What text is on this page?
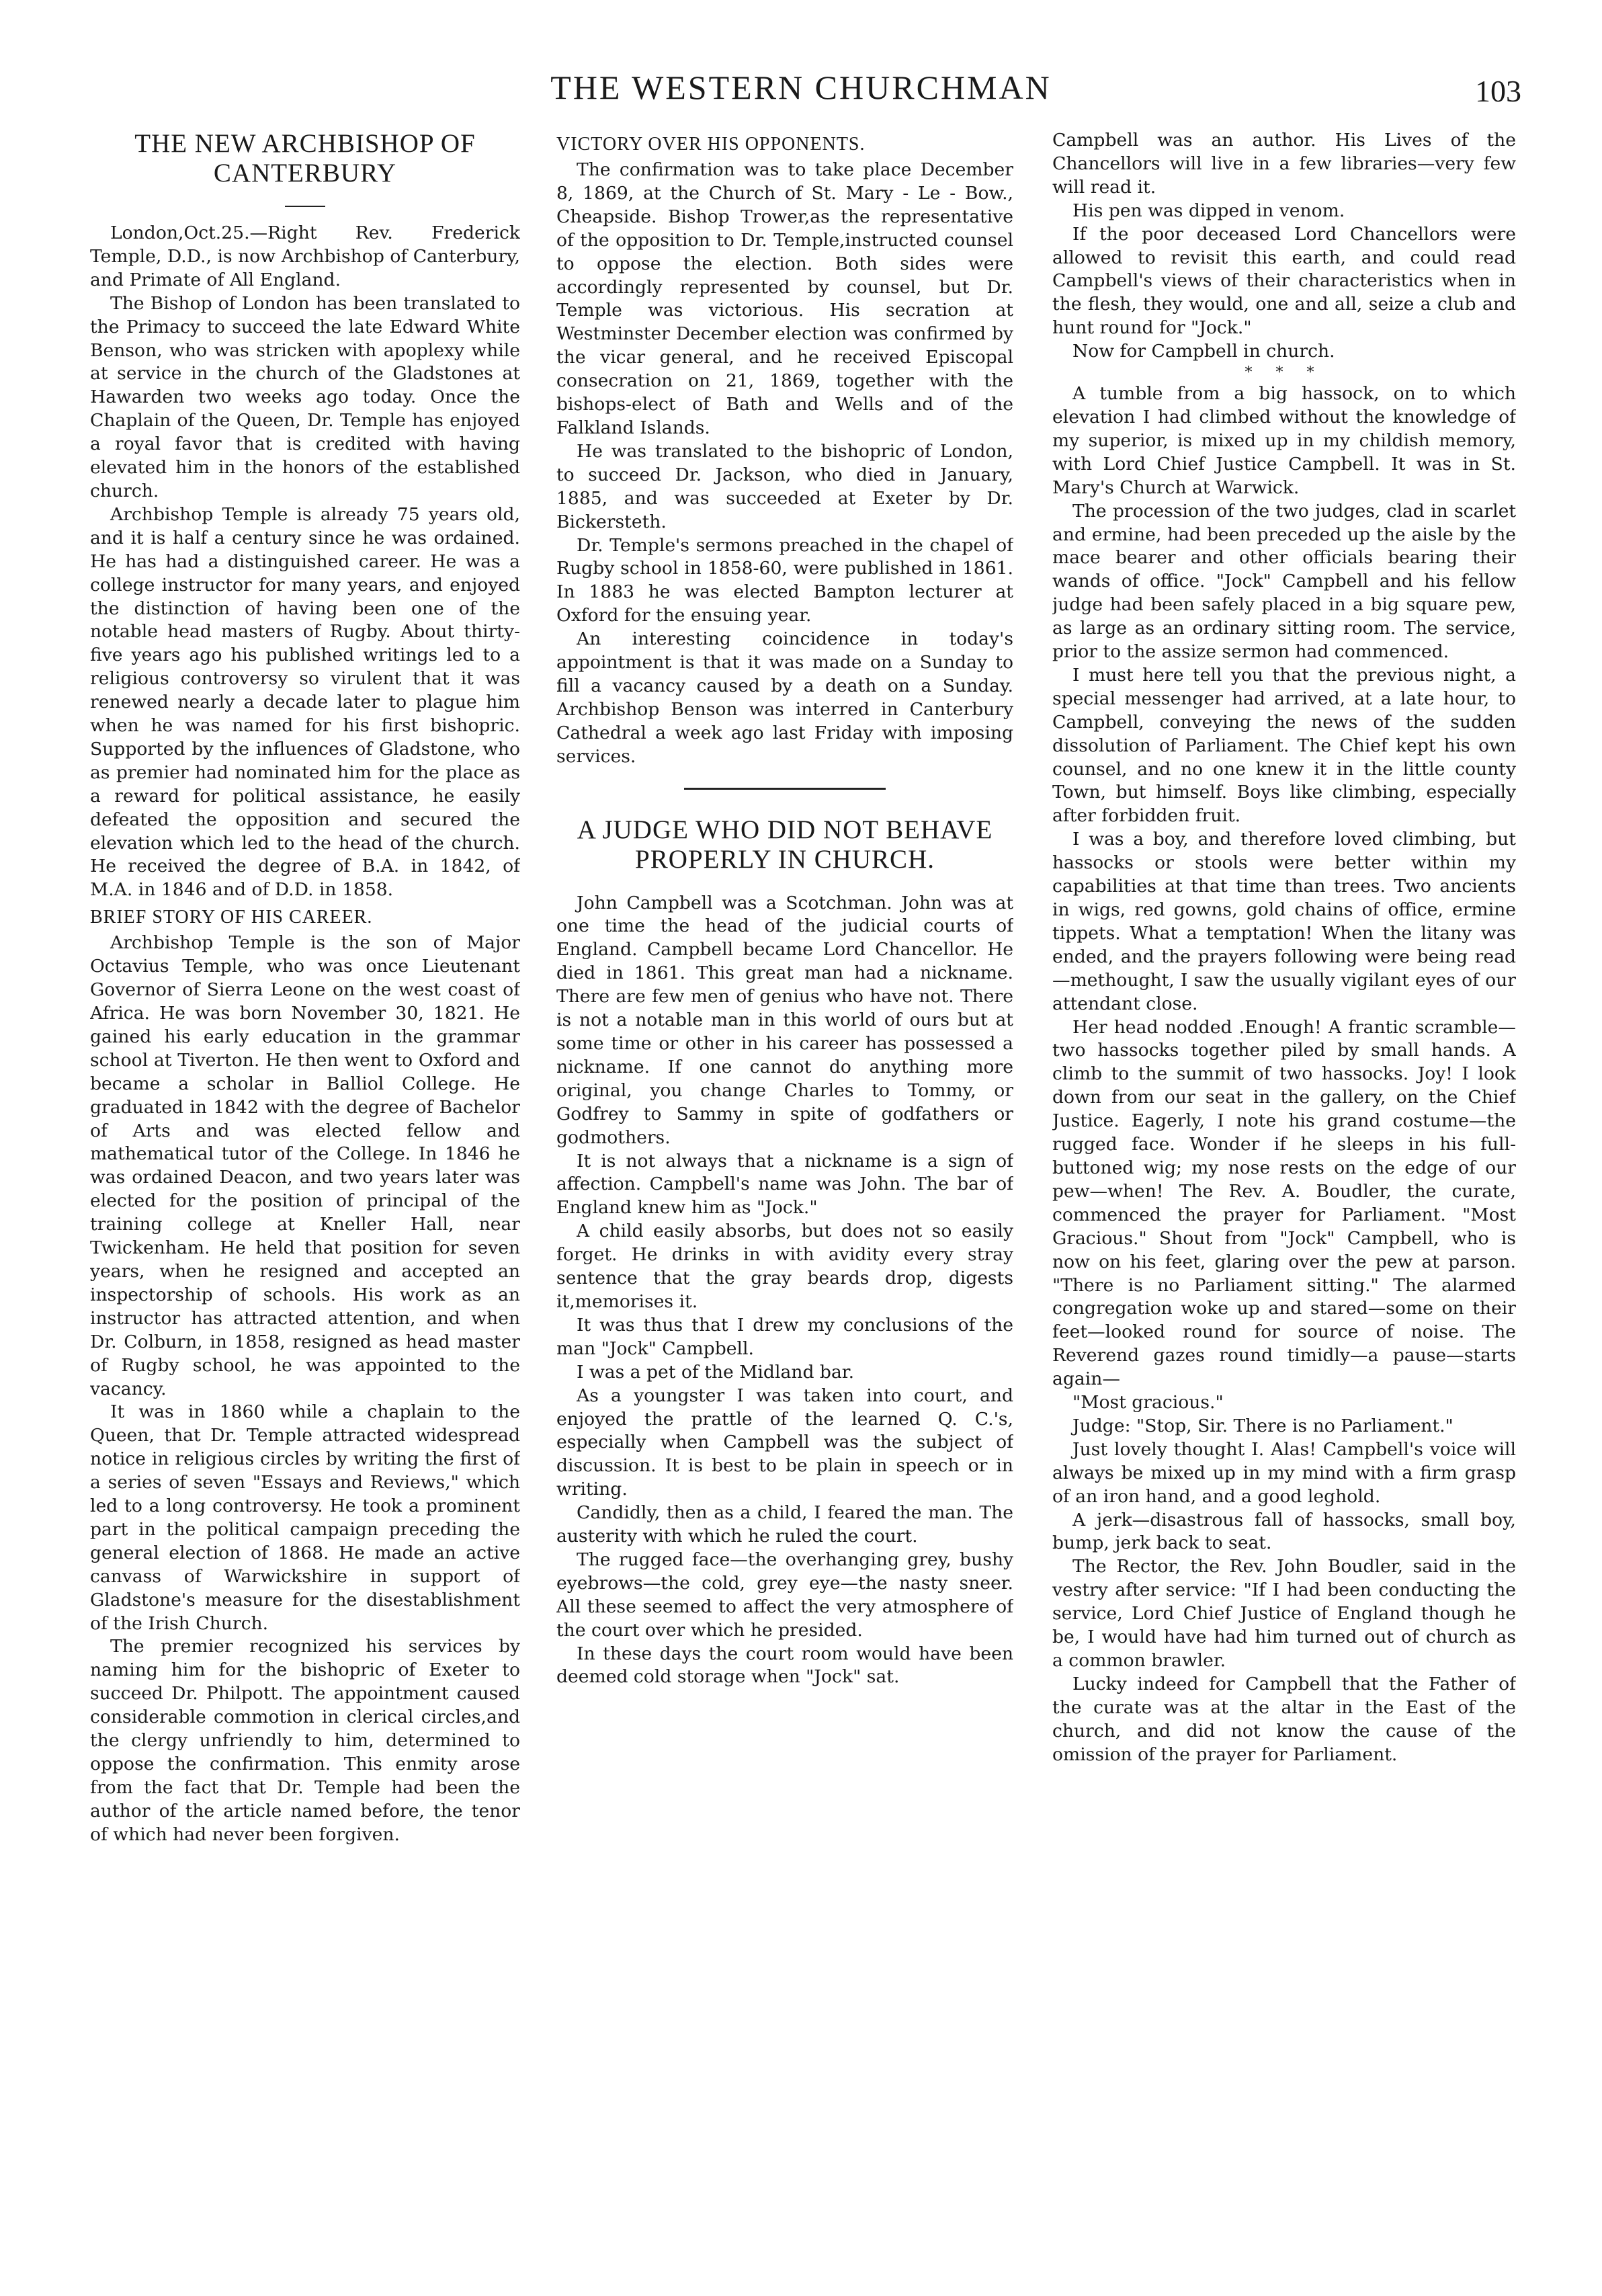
THE WESTERN CHURCHMAN	103
THE NEW ARCHBISHOP OF CANTERBURY

London,Oct.25.—Right Rev. Frederick Temple, D.D., is now Archbishop of Canterbury, and Primate of All England.

The Bishop of London has been translated to the Primacy to succeed the late Edward White Benson, who was stricken with apoplexy while at service in the church of the Gladstones at Hawarden two weeks ago today. Once the Chaplain of the Queen, Dr. Temple has enjoyed a royal favor that is credited with having elevated him in the honors of the established church.

Archbishop Temple is already 75 years old, and it is half a century since he was ordained. He has had a distinguished career. He was a college instructor for many years, and enjoyed the distinction of having been one of the notable head masters of Rugby. About thirty-five years ago his published writings led to a religious controversy so virulent that it was renewed nearly a decade later to plague him when he was named for his first bishopric. Supported by the influences of Gladstone, who as premier had nominated him for the place as a reward for political assistance, he easily defeated the opposition and secured the elevation which led to the head of the church. He received the degree of B.A. in 1842, of M.A. in 1846 and of D.D. in 1858.

BRIEF STORY OF HIS CAREER.

Archbishop Temple is the son of Major Octavius Temple, who was once Lieutenant Governor of Sierra Leone on the west coast of Africa. He was born November 30, 1821. He gained his early education in the grammar school at Tiverton. He then went to Oxford and became a scholar in Balliol College. He graduated in 1842 with the degree of Bachelor of Arts and was elected fellow and mathematical tutor of the College. In 1846 he was ordained Deacon, and two years later was elected for the position of principal of the training college at Kneller Hall, near Twickenham. He held that position for seven years, when he resigned and accepted an inspectorship of schools. His work as an instructor has attracted attention, and when Dr. Colburn, in 1858, resigned as head master of Rugby school, he was appointed to the vacancy.

It was in 1860 while a chaplain to the Queen, that Dr. Temple attracted widespread notice in religious circles by writing the first of a series of seven "Essays and Reviews," which led to a long controversy. He took a prominent part in the political campaign preceding the general election of 1868. He made an active canvass of Warwickshire in support of Gladstone's measure for the disestablishment of the Irish Church.

The premier recognized his services by naming him for the bishopric of Exeter to succeed Dr. Philpott. The appointment caused considerable commotion in clerical circles,and the clergy unfriendly to him, determined to oppose the confirmation. This enmity arose from the fact that Dr. Temple had been the author of the article named before, the tenor of which had never been forgiven.

VICTORY OVER HIS OPPONENTS.

The confirmation was to take place December 8, 1869, at the Church of St. Mary - Le - Bow., Cheapside. Bishop Trower,as the representative of the opposition to Dr. Temple,instructed counsel to oppose the election. Both sides were accordingly represented by counsel, but Dr. Temple was victorious. His secration at Westminster December election was confirmed by the vicar general, and he received Episcopal consecration on 21, 1869, together with the bishops-elect of Bath and Wells and of the Falkland Islands.

He was translated to the bishopric of London, to succeed Dr. Jackson, who died in January, 1885, and was succeeded at Exeter by Dr. Bickersteth.

Dr. Temple's sermons preached in the chapel of Rugby school in 1858-60, were published in 1861. In 1883 he was elected Bampton lecturer at Oxford for the ensuing year.

An interesting coincidence in today's appointment is that it was made on a Sunday to fill a vacancy caused by a death on a Sunday. Archbishop Benson was interred in Canterbury Cathedral a week ago last Friday with imposing services.

A JUDGE WHO DID NOT BEHAVE PROPERLY IN CHURCH.

John Campbell was a Scotchman. John was at one time the head of the judicial courts of England. Campbell became Lord Chancellor. He died in 1861. This great man had a nickname. There are few men of genius who have not. There is not a notable man in this world of ours but at some time or other in his career has possessed a nickname. If one cannot do anything more original, you change Charles to Tommy, or Godfrey to Sammy in spite of godfathers or godmothers.

It is not always that a nickname is a sign of affection. Campbell's name was John. The bar of England knew him as "Jock."

A child easily absorbs, but does not so easily forget. He drinks in with avidity every stray sentence that the gray beards drop, digests it,memorises it.

It was thus that I drew my conclusions of the man "Jock" Campbell.

I was a pet of the Midland bar.

As a youngster I was taken into court, and enjoyed the prattle of the learned Q. C.'s, especially when Campbell was the subject of discussion. It is best to be plain in speech or in writing.

Candidly, then as a child, I feared the man. The austerity with which he ruled the court.

The rugged face—the overhanging grey, bushy eyebrows—the cold, grey eye—the nasty sneer. All these seemed to affect the very atmosphere of the court over which he presided.

In these days the court room would have been deemed cold storage when "Jock" sat.

Campbell was an author. His Lives of the Chancellors will live in a few libraries—very few will read it.

His pen was dipped in venom.

If the poor deceased Lord Chancellors were allowed to revisit this earth, and could read Campbell's views of their characteristics when in the flesh, they would, one and all, seize a club and hunt round for "Jock."

Now for Campbell in church.

* * *

A tumble from a big hassock, on to which elevation I had climbed without the knowledge of my superior, is mixed up in my childish memory, with Lord Chief Justice Campbell. It was in St. Mary's Church at Warwick.

The procession of the two judges, clad in scarlet and ermine, had been preceded up the aisle by the mace bearer and other officials bearing their wands of office. "Jock" Campbell and his fellow judge had been safely placed in a big square pew, as large as an ordinary sitting room. The service, prior to the assize sermon had commenced.

I must here tell you that the previous night, a special messenger had arrived, at a late hour, to Campbell, conveying the news of the sudden dissolution of Parliament. The Chief kept his own counsel, and no one knew it in the little county Town, but himself. Boys like climbing, especially after forbidden fruit.

I was a boy, and therefore loved climbing, but hassocks or stools were better within my capabilities at that time than trees. Two ancients in wigs, red gowns, gold chains of office, ermine tippets. What a temptation! When the litany was ended, and the prayers following were being read—methought, I saw the usually vigilant eyes of our attendant close.

Her head nodded .Enough! A frantic scramble—two hassocks together piled by small hands. A climb to the summit of two hassocks. Joy! I look down from our seat in the gallery, on the Chief Justice. Eagerly, I note his grand costume—the rugged face. Wonder if he sleeps in his full-buttoned wig; my nose rests on the edge of our pew—when! The Rev. A. Boudler, the curate, commenced the prayer for Parliament. "Most Gracious." Shout from "Jock" Campbell, who is now on his feet, glaring over the pew at parson. "There is no Parliament sitting." The alarmed congregation woke up and stared—some on their feet—looked round for source of noise. The Reverend gazes round timidly—a pause—starts again—

"Most gracious."

Judge: "Stop, Sir. There is no Parliament."

Just lovely thought I. Alas! Campbell's voice will always be mixed up in my mind with a firm grasp of an iron hand, and a good leghold.

A jerk—disastrous fall of hassocks, small boy, bump, jerk back to seat.

The Rector, the Rev. John Boudler, said in the vestry after service: "If I had been conducting the service, Lord Chief Justice of England though he be, I would have had him turned out of church as a common brawler.

Lucky indeed for Campbell that the Father of the curate was at the altar in the East of the church, and did not know the cause of the omission of the prayer for Parliament.
